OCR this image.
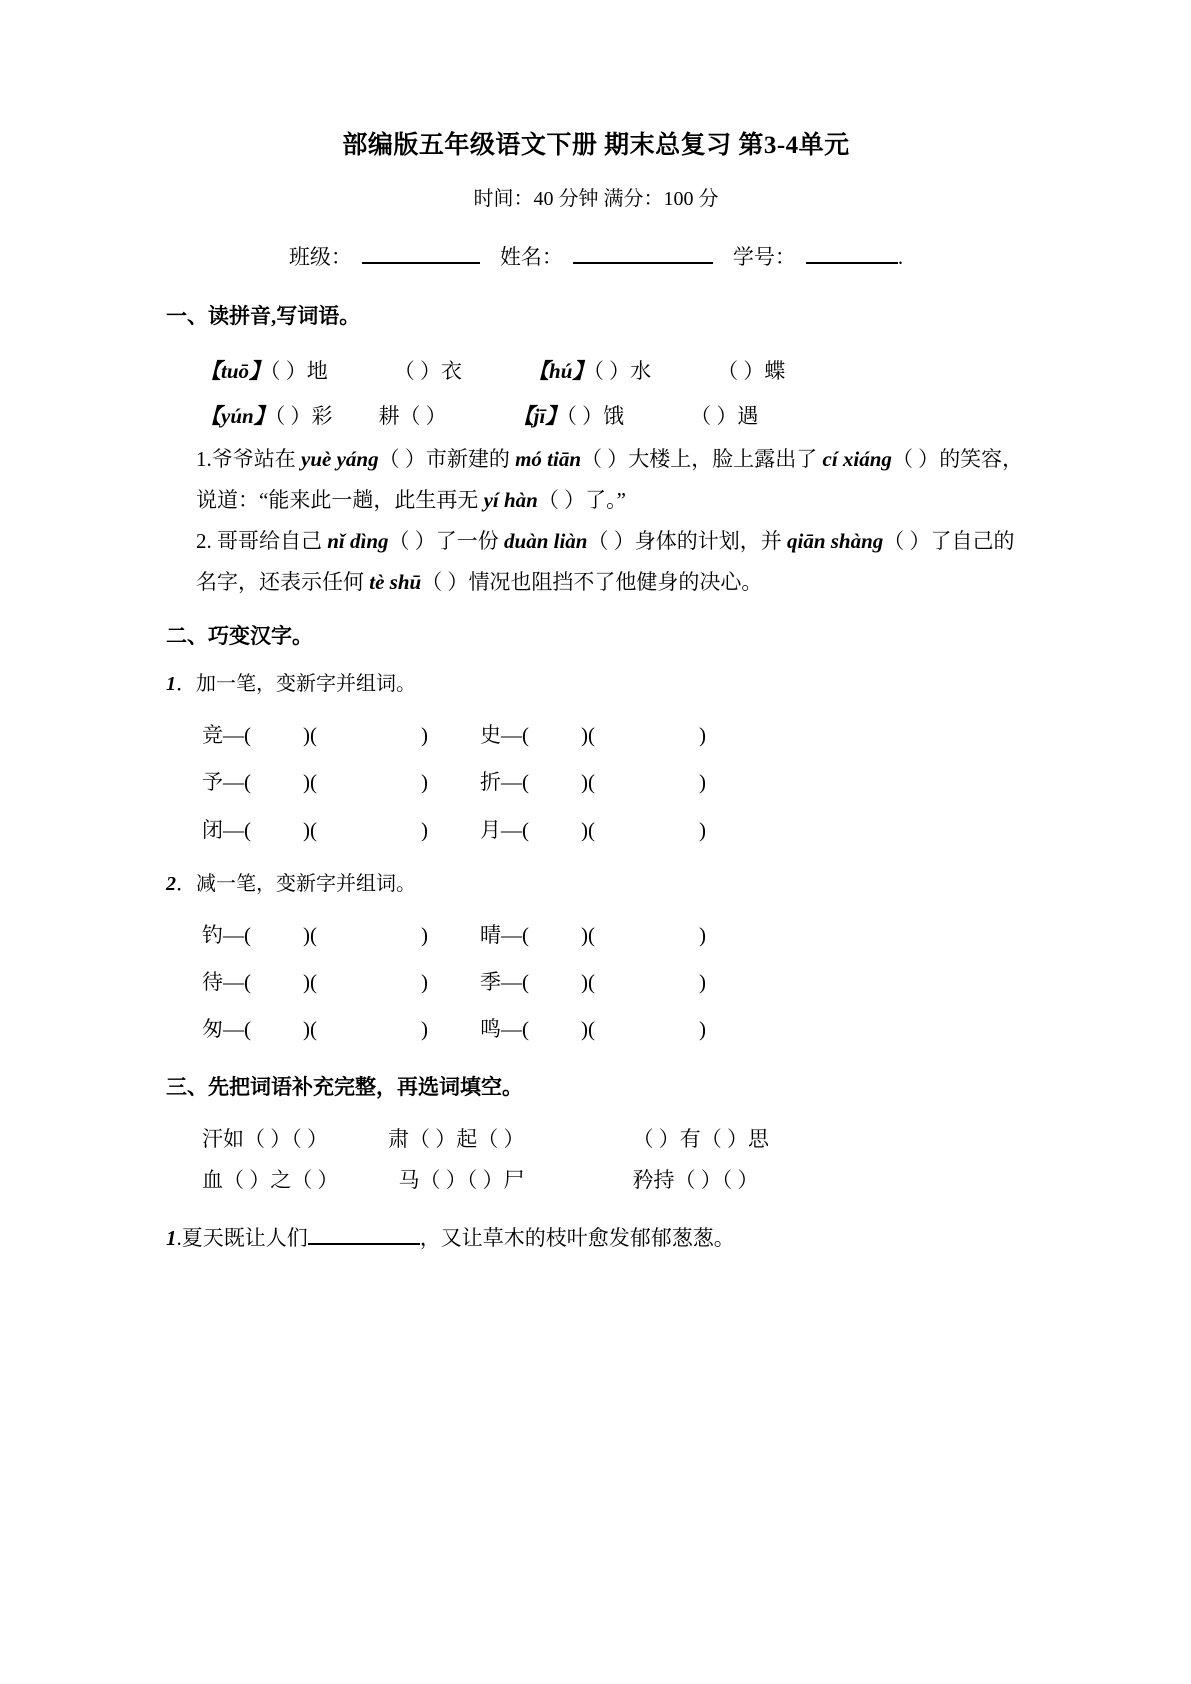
部编版五年级语文下册 期末总复习 第3-4单元
时间：40 分钟 满分：100 分
班级：	姓名：	学号：	.
一、读拼音,写词语。
【tuō】（ ）地	（ ）衣	【hú】（ ）水	（ ）蝶
【yún】（ ）彩 耕（ ）	【jī】（ ）饿	（ ）遇

1.爷爷站在 yuè yáng（ ）市新建的 mó tiān（ ）大楼上，脸上露出了 cí xiáng（ ）的笑容，说道：“能来此一趟，此生再无 yí hàn（ ）了。”

2. 哥哥给自己 nǐ dìng（ ）了一份 duàn liàn（ ）身体的计划，并 qiān shàng（ ）了自己的名字，还表示任何 tè shū（ ）情况也阻挡不了他健身的决心。

二、巧变汉字。
1．加一笔，变新字并组词。
竞—( )(	) 史—( )(	)
予—( )(	) 折—( )(	)
闭—( )(	) 月—( )(	)
2．减一笔，变新字并组词。
钓—( )(	) 晴—( )(	)
待—( )(	) 季—( )(	)
匆—( )(	) 鸣—( )(	)
三、先把词语补充完整，再选词填空。
汗如（ ）（ ）	肃（ ）起（ ）	（ ）有（ ）思
血（ ）之（ ）	马（ ）（ ）尸	矜持（ ）（ ）
1.夏天既让人们	，又让草木的枝叶愈发郁郁葱葱。
